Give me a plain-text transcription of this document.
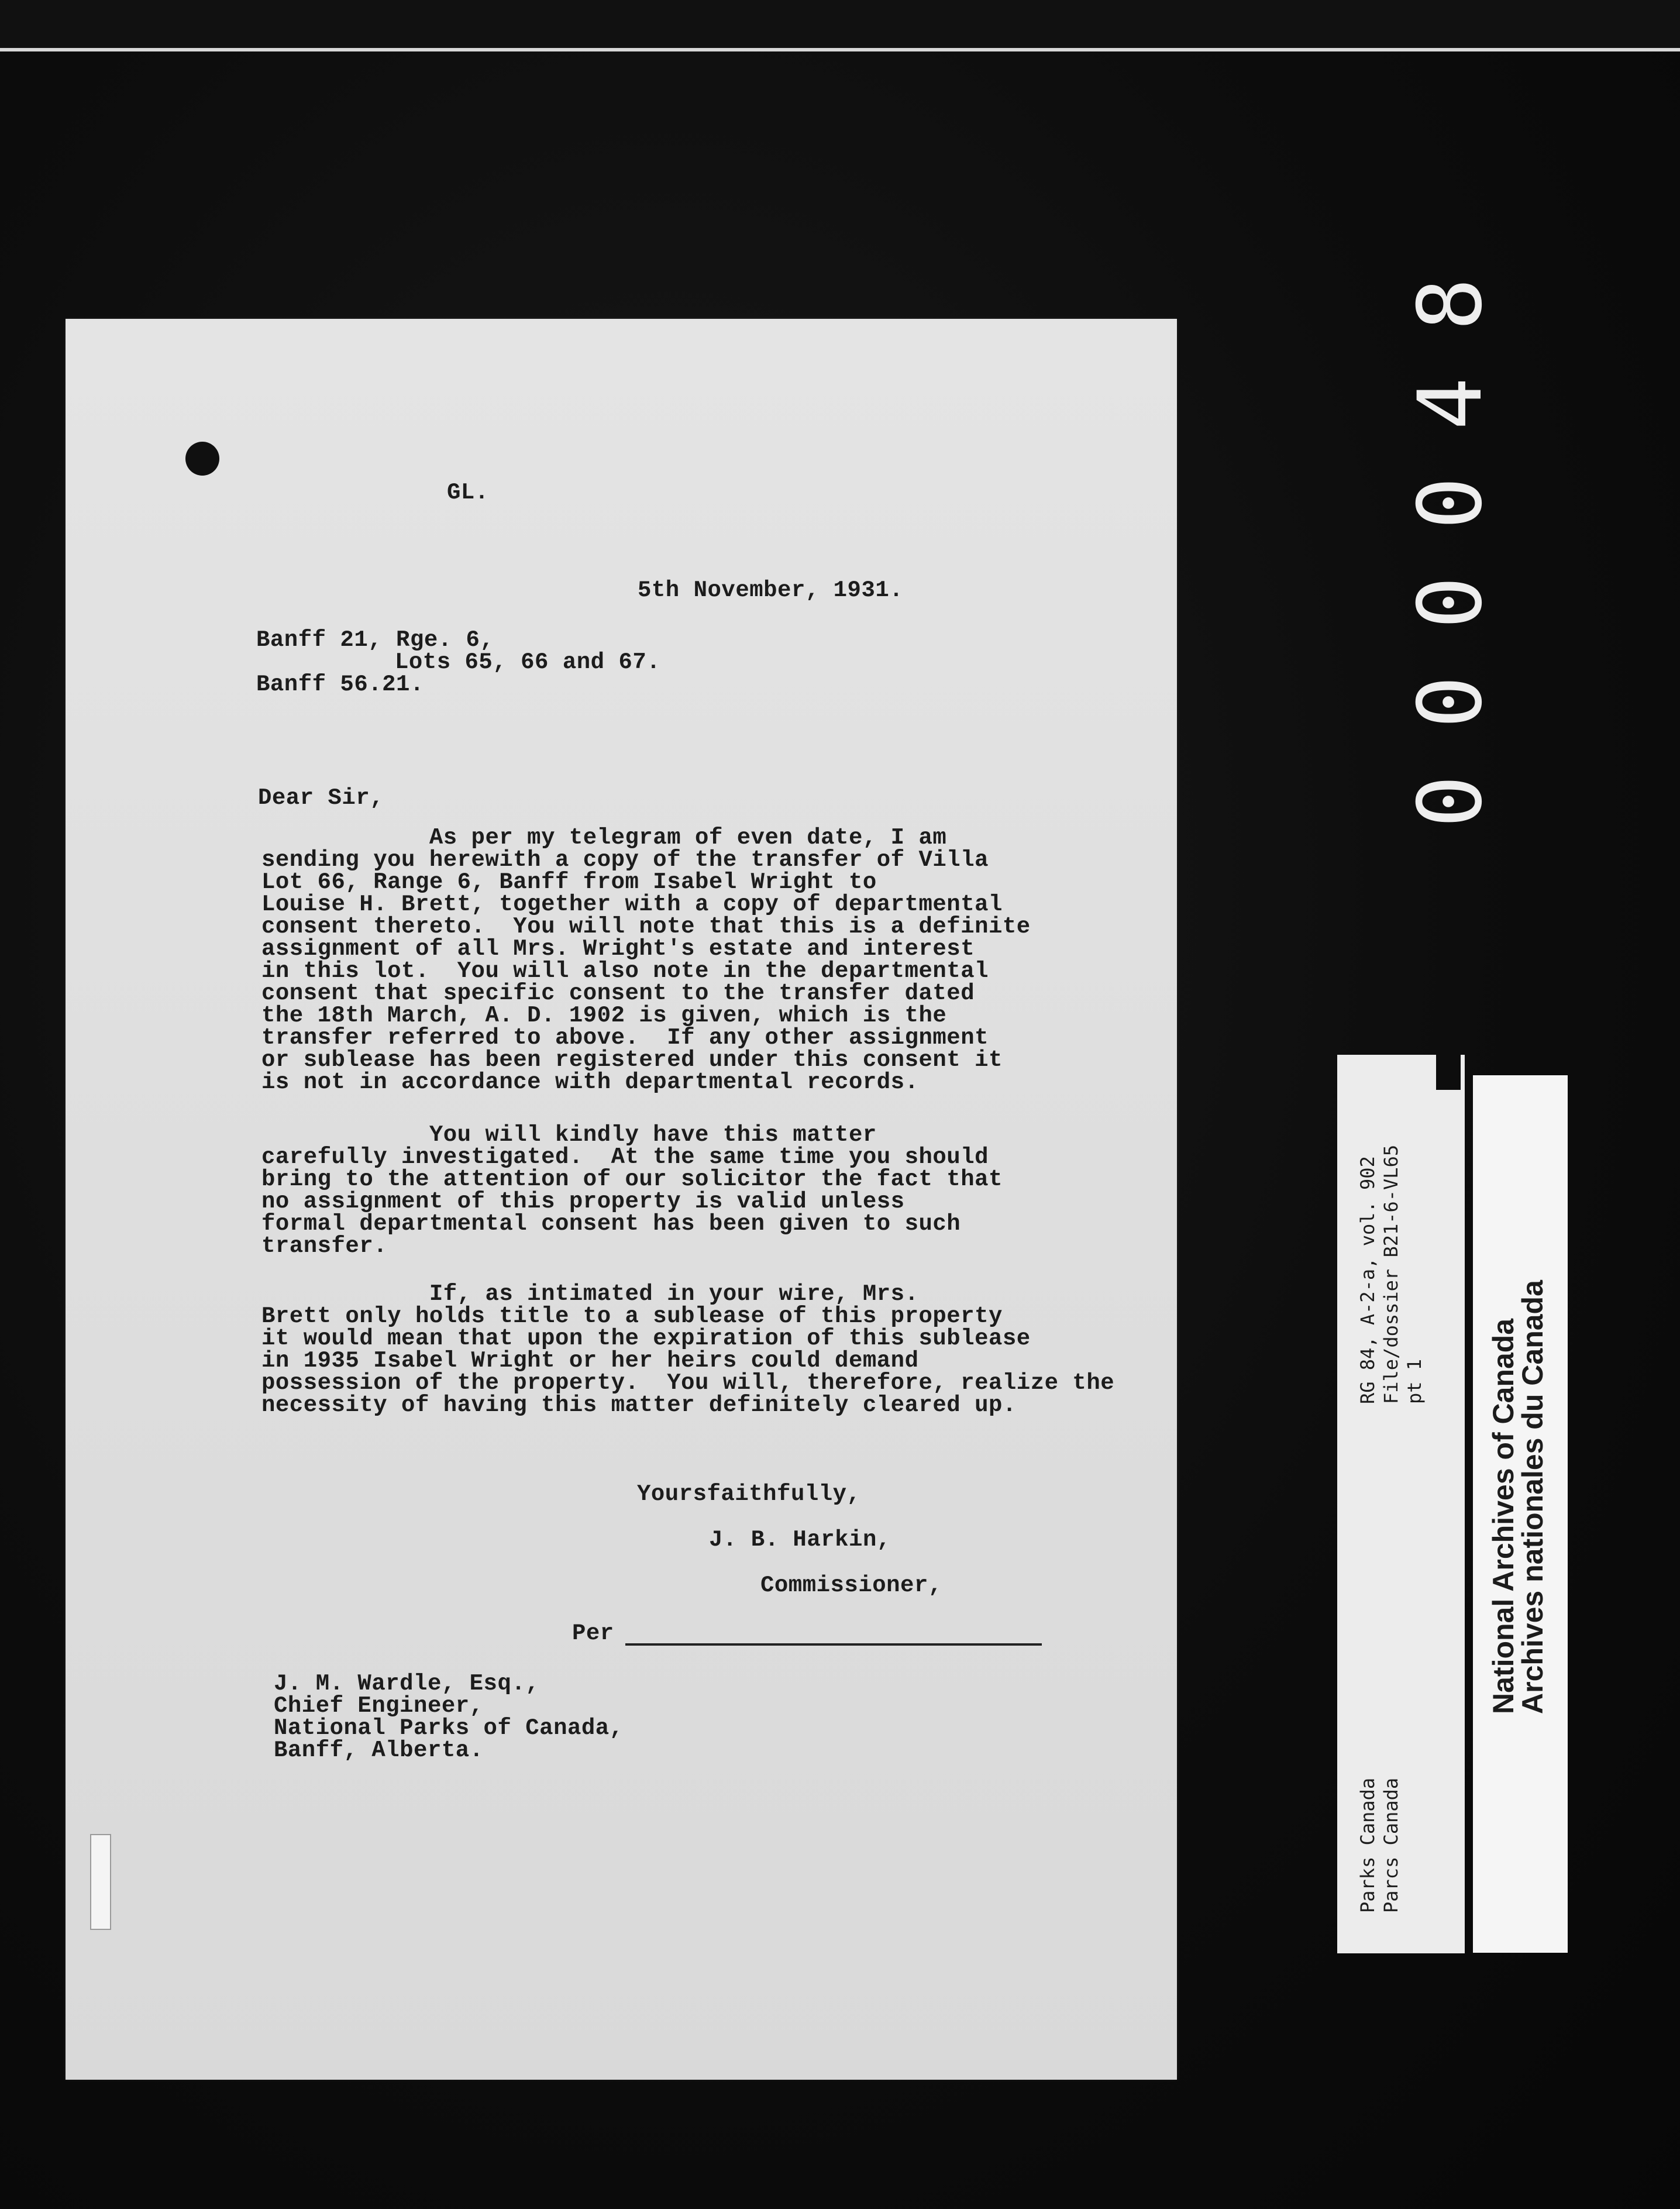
GL.
5th November, 1931.
Banff 21, Rge. 6,
Lots 65, 66 and 67.
Banff 56.21.
Dear Sir,
As per my telegram of even date, I am
sending you herewith a copy of the transfer of Villa
Lot 66, Range 6, Banff from Isabel Wright to
Louise H. Brett, together with a copy of departmental
consent thereto.  You will note that this is a definite
assignment of all Mrs. Wright's estate and interest
in this lot.  You will also note in the departmental
consent that specific consent to the transfer dated
the 18th March, A. D. 1902 is given, which is the
transfer referred to above.  If any other assignment
or sublease has been registered under this consent it
is not in accordance with departmental records.
You will kindly have this matter
carefully investigated.  At the same time you should
bring to the attention of our solicitor the fact that
no assignment of this property is valid unless
formal departmental consent has been given to such
transfer.
If, as intimated in your wire, Mrs.
Brett only holds title to a sublease of this property
it would mean that upon the expiration of this sublease
in 1935 Isabel Wright or her heirs could demand
possession of the property.  You will, therefore, realize the
necessity of having this matter definitely cleared up.
Yoursfaithfully,
J. B. Harkin,
Commissioner,
Per
J. M. Wardle, Esq.,
Chief Engineer,
National Parks of Canada,
Banff, Alberta.
8
4
0
0
0
0
RG 84, A-2-a, vol. 902
File/dossier B21-6-VL65
pt 1
Parks Canada
Parcs Canada
National Archives of Canada
Archives nationales du Canada
